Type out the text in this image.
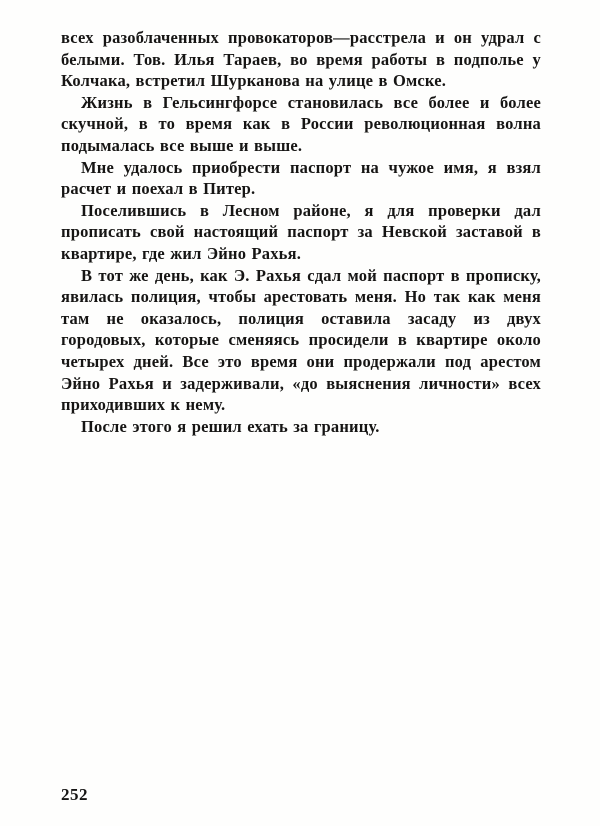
всех разоблаченных провокаторов—расстрела и он удрал с белыми. Тов. Илья Тараев, во время работы в подполье у Колчака, встретил Шурканова на улице в Омске.

Жизнь в Гельсингфорсе становилась все более и более скучной, в то время как в России революционная волна подымалась все выше и выше.

Мне удалось приобрести паспорт на чужое имя, я взял расчет и поехал в Питер.

Поселившись в Лесном районе, я для проверки дал прописать свой настоящий паспорт за Невской заставой в квартире, где жил Эйно Рахья.

В тот же день, как Э. Рахья сдал мой паспорт в прописку, явилась полиция, чтобы арестовать меня. Но так как меня там не оказалось, полиция оставила засаду из двух городовых, которые сменяясь просидели в квартире около четырех дней. Все это время они продержали под арестом Эйно Рахья и задерживали, «до выяснения личности» всех приходивших к нему.

После этого я решил ехать за границу.

252
